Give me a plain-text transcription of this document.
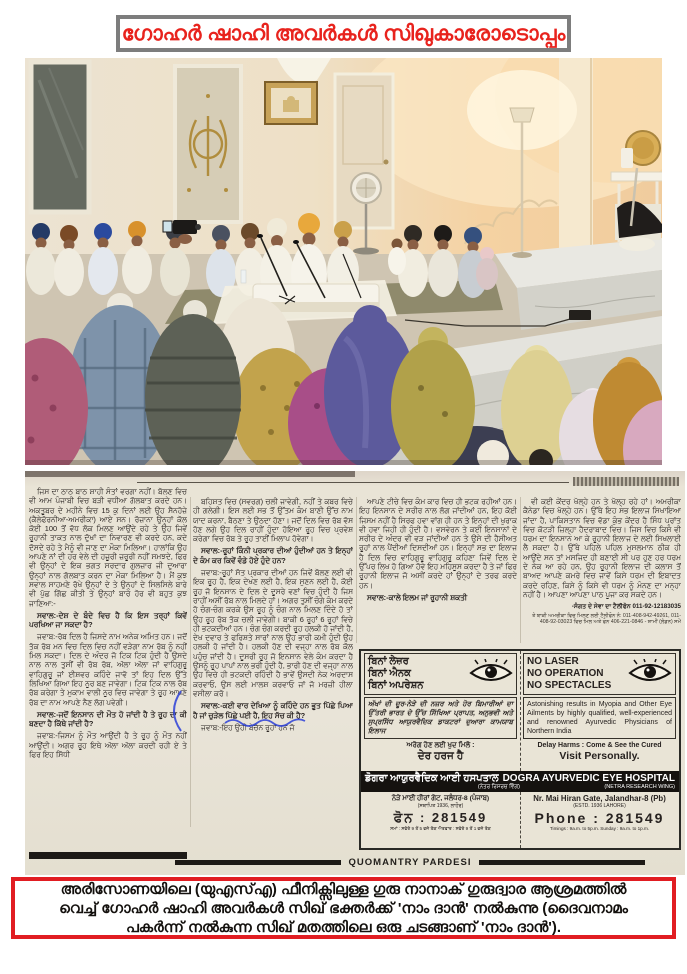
ഗോഹർ ഷാഹി അവർകൾ സിഖുകാരോടൊപ്പം

ਜਿਸ ਦਾ ਠਾਠ ਬਾਠ ਸ਼ਾਹੀ ਸੰਤਾਂ ਵਰਗਾ ਨਹੀਂ। ਬੋਲਣ ਵਿਚ ਵੀ ਆਮ ਪੰਜਾਬੀ ਵਿਚ ਬੜੀ ਵਧੀਆ ਗੱਲਬਾਤ ਕਰਦੇ ਹਨ। ਅਕਤੂਬਰ ਦੇ ਮਹੀਨੇ ਵਿਚ 15 ਕੁ ਦਿਨਾਂ ਲਈ ਉਹ ਸੈਨਹੋਜ਼ੇ (ਕੈਲੇਫੋਰਨੀਆ-ਅਮਰੀਕਾ) ਆਏ ਸਨ। ਰੋਜ਼ਾਨਾ ਉਨ੍ਹਾਂ ਕੋਲ ਕੋਈ 100 ਤੋਂ ਵੱਧ ਲੋਕ ਮਿਲਣ ਆਉਂਦੇ ਰਹੇ ਤੇ ਉਹ ਜਿਵੇਂ ਰੂਹਾਨੀ ਤਾਕਤ ਨਾਲ ਦੁੱਖਾਂ ਦਾ ਨਿਵਾਰਣ ਵੀ ਕਰਦੇ ਹਨ, ਕਦੇ ਦੱਸਦੇ ਰਹੇ ਤੇ ਮੈਨੂੰ ਵੀ ਜਾਣ ਦਾ ਮੌਕਾ ਮਿਲਿਆ। ਹਾਲਾਂਕਿ ਉਹ ਆਪਣੇ ਨਾਂ ਦੀ ਹਰ ਵੇਲੇ ਦੀ ਹਜ਼ੂਰੀ ਜ਼ਰੂਰੀ ਨਹੀਂ ਸਮਝਦੇ, ਫਿਰ ਵੀ ਉਨ੍ਹਾਂ ਦੇ ਇਕ ਭਗਤ ਸਰਦਾਰ ਗੁਲਜ਼ਾਰ ਜੀ ਦੁਆਰਾ ਉਨ੍ਹਾਂ ਨਾਲ ਗੱਲਬਾਤ ਕਰਨ ਦਾ ਮੌਕਾ ਮਿਲਿਆ ਹੈ। ਮੈਂ ਕੁਝ ਸਵਾਲ ਸਾਹਮਣੇ ਰੱਖੇ ਉਨ੍ਹਾਂ ਦੇ ਤੇ ਉਨ੍ਹਾਂ ਦੇ ਸਿਲਸਿਲੇ ਬਾਰੇ ਵੀ ਪੁੱਛ ਗਿੱਛ ਕੀਤੀ ਤੇ ਉਨ੍ਹਾਂ ਬਾਰੇ ਹੋਰ ਵੀ ਬਹੁਤ ਕੁਝ ਜਾਣਿਆ:-

ਸਵਾਲ:-ਦੇਸ਼ ਦੇ ਬੰਦੇ ਵਿਚ ਹੈ ਕਿ ਇਸ ਤਰ੍ਹਾਂ ਕਿਵੇਂ ਪਰਖਿਆ ਜਾ ਸਕਦਾ ਹੈ?

ਜਵਾਬ:-ਰੱਬ ਦਿਲ ਹੈ ਜਿਸਦੇ ਨਾਮ ਅਨੇਕ ਅਮਿਤ ਹਨ। ਜਦੋਂ ਤੱਕ ਰੱਬ ਮਨ ਵਿਚ ਦਿਲ ਵਿਚ ਨਹੀਂ ਵੜੇਗਾ ਨਾਮ ਰੱਬ ਨੂੰ ਨਹੀਂ ਮਿਲ ਸਕਦਾ। ਦਿਲ ਦੇ ਅੰਦਰ ਜੋ ਟਿਕ ਟਿਕ ਹੁੰਦੀ ਹੈ ਉਸਦੇ ਨਾਲ ਨਾਲ ਤੁਸੀਂ ਵੀ ਰੱਬ ਰੱਬ, ਅੱਲਾ ਅੱਲਾ ਜਾਂ ਵਾਹਿਗੁਰੂ ਵਾਹਿਗੁਰੂ ਜਾਂ ਈਸ਼ਵਰ ਕਹਿੰਦੇ ਜਾਵੋ ਤਾਂ ਇਹ ਦਿਲ ਉੱਤੇ ਲਿਖਿਆ ਗਿਆ ਇਹ ਨੂਰ ਬਣ ਜਾਵੇਗਾ। ਟਿਕ ਟਿਕ ਨਾਲ ਰੱਬ ਰੱਬ ਕਰੇਗਾ ਤੇ ਮੁਕਾਮ ਵਾਲੀ ਨੂਰ ਵਿਚ ਜਾਵੇਗਾ ਤੇ ਰੂਹ ਆਪਣੇ ਰੱਬ ਦਾ ਨਾਮ ਆਪਣੇ ਨੈਣ ਲੱਗ ਪਵੇਗੀ।

ਸਵਾਲ:-ਜਦੋਂ ਇਨਸਾਨ ਦੀ ਮੌਤ ਹੋ ਜਾਂਦੀ ਹੈ ਤੇ ਰੂਹ ਦਾ ਕੀ ਬਣਦਾ ਹੈ ਕਿੱਥੇ ਜਾਂਦੀ ਹੈ?

ਜਵਾਬ:-ਜਿਸਮ ਨੂੰ ਮੌਤ ਆਉਂਦੀ ਹੈ ਤੇ ਰੂਹ ਨੂੰ ਮੌਤ ਨਹੀਂ ਆਉਂਦੀ। ਅਗਰ ਰੂਹ ਇਥੇ ਅੱਲਾ ਅੱਲਾ ਕਰਦੀ ਰਹੀ ਏ ਤੇ ਫਿਰ ਇਹ ਸਿੱਧੀ

ਬਹਿਸ਼ਤ ਵਿਚ (ਸਵਰਗ) ਚਲੀ ਜਾਵੇਗੀ, ਨਹੀਂ ਤੇ ਕਬਰ ਵਿਚੇ ਹੀ ਗਲੇਗੀ। ਇਸ ਲਈ ਸਭ ਤੋਂ ਉੱਤਮ ਕੰਮ ਬਾਣੀ ਉੱਚ ਨਾਮ ਯਾਦ ਕਰਨਾ, ਬੈਠਣਾ ਤੇ ਉਠਦਾ ਹੋਣਾ। ਜਦੋਂ ਦਿਲ ਵਿਚ ਰੱਬ ਵੱਸ ਹੋਣ ਲਗੇ ਉਹ ਦਿਲ ਰਾਹੀਂ ਹੁੰਦਾ ਹੋਇਆ ਰੂਹ ਵਿਚ ਪ੍ਰਵੇਸ਼ ਕਰੇਗਾ ਵਿਚ ਰੱਬ ਤੇ ਰੂਹ ਤਾਈਂ ਮਿਲਾਪ ਹੋਵੇਗਾ।

ਸਵਾਲ:-ਰੂਹਾਂ ਕਿੰਨੀ ਪ੍ਰਕਾਰ ਦੀਆਂ ਹੁੰਦੀਆਂ ਹਨ ਤੇ ਇਨ੍ਹਾਂ ਦੇ ਕੰਮ ਕਰ ਕਿਵੇਂ ਵੰਡੇ ਹੋਏ ਹੁੰਦੇ ਹਨ?

ਜਵਾਬ:-ਰੂਹਾਂ ਸੱਤ ਪ੍ਰਕਾਰ ਦੀਆਂ ਹਨ ਜਿਵੇਂ ਬੋਲਣ ਲਈ ਵੀ ਇਕ ਰੂਹ ਹੈ, ਇਕ ਦੇਖਣ ਲਈ ਹੈ, ਇਕ ਸੁਣਨ ਲਈ ਹੈ, ਕੋਈ ਰੂਹ ਜੋ ਇਨਸਾਨ ਦੇ ਦਿਲ ਦੇ ਦੂਸਰੇ ਵਣਾਂ ਵਿਚ ਹੁੰਦੀ ਹੈ ਜਿਸ ਰਾਹੀਂ ਅਸੀਂ ਰੱਬ ਨਾਲ ਮਿਲਦੇ ਹਾਂ। ਅਗਰ ਤੁਸੀਂ ਚੰਗੇ ਕੰਮ ਕਰਦੇ ਹੋ ਚੰਗ-ਚੰਗ ਕਰਕੇ ਉਸ ਰੂਹ ਨੂੰ ਚੰਗ ਨਾਲ ਮਿਲਣ ਦਿੰਦੇ ਹੋ ਤਾਂ ਉਹ ਰੂਹ ਰੱਬ ਤੱਕ ਚਲੀ ਜਾਵੇਗੀ। ਬਾਕੀ 6 ਰੂਹਾਂ 6 ਰੂਹਾਂ ਵਿਚੇ ਹੀ ਭਟਕਦੀਆਂ ਹਨ। ਚੰਗ ਚੰਗ ਕਰਦੀ ਰੂਹ ਹਲਕੀ ਹੋ ਜਾਂਦੀ ਹੈ, ਦੇਖ ਦਵਾਰ ਤੇ ਫਰਿਸ਼ਤੇ ਸਾਰਾਂ ਨਾਲ ਉਹ ਭਾਰੀ ਕਮੀ ਹੁੰਦੀ ਉਹ ਹਲਕੀ ਹੋ ਜਾਂਦੀ ਹੈ। ਹਲਕੀ ਹੋਣ ਦੀ ਵਜ੍ਹਾ ਨਾਲ ਰੱਬ ਕੋਲ ਪਹੁੰਚ ਜਾਂਦੀ ਹੈ। ਦੂਸਰੀ ਰੂਹ ਜੋ ਇਨਸਾਨ ਵੇਲੇ ਕੰਮ ਕਰਦਾ ਹੈ ਉਸਨੂੰ ਰੂਹ ਪਾਪਾਂ ਨਾਲ ਭਰੀ ਹੁੰਦੀ ਹੈ, ਭਾਰੀ ਹੋਣ ਦੀ ਵਜ੍ਹਾ ਨਾਲ ਉਹ ਵਿਚੇ ਹੀ ਭਟਕਦੀ ਰਹਿੰਦੀ ਹੈ ਭਾਵੇਂ ਉਸਦੀ ਨੇਕ ਅਰਦਾਸ ਕਰਵਾਓ, ਉਸ ਲਈ ਮਾਲਸ਼ ਕਰਵਾਓ ਜਾਂ ਜੋ ਮਰਜ਼ੀ ਹੀਲਾ ਵਸੀਲਾ ਕਰੋ।

ਸਵਾਲ:-ਕਈ ਵਾਰ ਦੇਖਿਆ ਨੂੰ ਕਹਿੰਦੇ ਹਨ ਭੂਤ ਪਿੱਛੇ ਪਿਆ ਹੈ ਜਾਂ ਚੁੜੇਲ ਪਿੱਛੇ ਪਈ ਹੈ, ਇਹ ਸੱਚ ਕੀ ਹੈ?

ਜਵਾਬ:-ਇਹ ਉਹੀ ਬੇਚੈਨ ਰੂਹਾਂ ਹਨ ਜੋ

ਆਪਣੇ ਟੀਚੇ ਵਿਚ ਕੰਮ ਕਾਰ ਵਿਚ ਹੀ ਭਟਕ ਰਹੀਆਂ ਹਨ। ਇਹ ਇਨਸਾਨ ਦੇ ਸਰੀਰ ਨਾਲ ਲੱਗ ਜਾਂਦੀਆਂ ਹਨ, ਇਹ ਕੋਈ ਜਿਸਮ ਨਹੀਂ ਹੈ ਸਿਰਫ ਹਵਾ ਵਾਂਗ ਹੀ ਹਨ ਤੇ ਇਨ੍ਹਾਂ ਦੀ ਖੁਰਾਕ ਵੀ ਹਵਾ ਜਿਹੀ ਹੀ ਹੁੰਦੀ ਹੈ। ਵਸਵੇਰਨ ਤੇ ਕਈ ਇਨਸਾਨਾਂ ਦੇ ਸਰੀਰ ਦੇ ਅੰਦਰ ਵੀ ਵੜ ਜਾਂਦੀਆਂ ਹਨ ਤੇ ਉਸੇ ਦੀ ਹੈਸੀਅਤ ਰੂਹਾਂ ਨਾਲ ਪੈਂਦੀਆਂ ਦਿਸਦੀਆਂ ਹਨ। ਇਨ੍ਹਾਂ ਸਭ ਦਾ ਇਲਾਜ ਹੈ ਦਿਲ ਵਿਚ ਵਾਹਿਗੁਰੂ ਵਾਹਿਗੁਰੂ ਕਹਿਣਾ ਜਿਵੇਂ ਦਿਲ ਦੇ ਉੱਪਰ ਲਿਖ ਹੋ ਗਿਆ ਹੋਵੇ ਇਹ ਮਹਿਸੂਸ ਕਰਦਾ ਹੈ ਤੇ ਜਾਂ ਫਿਰ ਰੂਹਾਨੀ ਇਲਾਜ ਜੋ ਅਸੀਂ ਕਰਦੇ ਹਾਂ ਉਨ੍ਹਾਂ ਦੇ ਤਰਫ ਕਰਦੇ ਹਨ।

ਸਵਾਲ:-ਕਾਲੇ ਇਲਮ ਜਾਂ ਰੂਹਾਨੀ ਸ਼ਕਤੀ

ਵੀ ਕਈ ਕੇਂਦਰ ਖੋਲ੍ਹੇ ਹਨ ਤੇ ਖੋਲ੍ਹ ਰਹੇ ਹਾਂ। ਅਮਰੀਕਾ ਕੈਨੇਡਾ ਵਿਚ ਖੋਲ੍ਹੇ ਹਨ। ਉੱਥੇ ਇਹ ਸਭ ਇਲਾਜ ਸਿਖਾਇਆ ਜਾਂਦਾ ਹੈ, ਪਾਕਿਸਤਾਨ ਵਿਚ ਵੱਡਾ ਕੁੰਭ ਕੇਂਦਰ ਹੈ ਸਿੰਧ ਪ੍ਰਾਂਤ ਵਿਚ ਕੋਟੜੀ ਜ਼ਿਲ੍ਹਾ ਹੈਦਰਾਬਾਦ ਵਿਚ। ਜਿਸ ਵਿਚ ਕਿਸੇ ਵੀ ਧਰਮ ਦਾ ਇਨਸਾਨ ਆ ਕੇ ਰੂਹਾਨੀ ਇਲਾਜ ਦੇ ਲਈ ਸਿਖਲਾਈ ਲੈ ਸਕਦਾ ਹੈ। ਉੱਥੇ ਪਹਿਲੇ ਪਹਿਲ ਮੁਸਲਮਾਨ ਠੀਕ ਹੀ ਆਉਂਦੇ ਸਨ ਤਾਂ ਮਸਜਿਦ ਹੀ ਬਣਾਈ ਸੀ ਪਰ ਹੁਣ ਹਰ ਧਰਮ ਦੇ ਨੇਕ ਆ ਰਹੇ ਹਨ, ਉਹ ਰੂਹਾਨੀ ਇਲਾਜ ਦੀ ਕਲਾਸ ਤੋਂ ਬਾਅਦ ਆਪਣੇ ਕਮਰੇ ਵਿਚ ਜਾਵੇਂ ਕਿਸੇ ਧਰਮ ਦੀ ਇਬਾਦਤ ਕਰਦੇ ਰਹਿਣ, ਕਿਸੇ ਨੂੰ ਕਿਸੇ ਵੀ ਧਰਮ ਨੂੰ ਮੰਨਣ ਦਾ ਮਨ੍ਹਾ ਨਹੀਂ ਹੈ। ਆਪਣਾ ਆਪਣਾ ਪਾਠ ਪੂਜਾ ਕਰ ਸਕਦੇ ਹਨ।

-ਸੰਗਤ ਦੇ ਸੇਵਾ ਦਾ ਟੈਲੀਫੋਨ 011-92-12183035
ਤੇ ਬਾਕੀ ਅਮਰੀਕਾ ਵਿਚ ਮਿਲਣ ਲਈ ਟੈਲੀਫੋਨ ਨੰ: 011-408-942-49261, 011-408-92-03023 ਵਿਚ ਮਿਲ ਅਤੇ ਫੋਨ 406-221-0846 - ਸ਼ਾਮੀਂ (ਲੰਡਨ) ਸਮੇਂ
ਬਿਨਾਂ ਲੇਜ਼ਰ
ਬਿਨਾਂ ਐਨਕ
ਬਿਨਾਂ ਅਪਰੇਸ਼ਨ
ਅੱਖਾਂ ਦੀ ਦੂਰ-ਨੇੜੇ ਦੀ ਨਜ਼ਰ ਅਤੇ ਹੋਰ ਬਿਮਾਰੀਆਂ ਦਾ ਉੱਤਰੀ ਭਾਰਤ ਦੇ ਉੱਚ ਸਿੱਖਿਆ ਪ੍ਰਾਪਤ, ਅਨੁਭਵੀ ਅਤੇ ਸੁਪ੍ਰਸਿੱਧ ਆਯੁਰਵੈਦਿਕ ਡਾਕਟਰਾਂ ਦੁਆਰਾ ਕਾਮਯਾਬ ਇਲਾਜ
ਅਰੋਗ ਹੋਣ ਲਈ ਖੁਦ ਮਿਲੋ :
ਦੇਰ ਹਰਜ ਹੈ
NO LASER
NO OPERATION
NO SPECTACLES
Astonishing results in Myopia and Other Eye Ailments by highly qualified, well-experienced and renowned Ayurvedic Physicians of Northern India
Delay Harms : Come & See the Cured
Visit Personally.
ਡੋਗਰਾ ਆਯੁਰਵੈਦਿਕ ਆਈ ਹਸਪਤਾਲ
(ਨੇਤਰ ਰਿਸਰਚ ਵਿੰਗ)
DOGRA AYURVEDIC EYE HOSPITAL
(NETRA RESEARCH WING)
ਨੇੜੇ ਮਾਈ ਹੀਰਾਂ ਗੇਟ, ਜਲੰਧਰ-8 (ਪੰਜਾਬ)
(ਸਥਾਪਿਤ 1936, ਲਾਹੌਰ)
ਫੋਨ : 281549
ਸਮਾਂ : ਸਵੇਰੇ 9 ਤੋਂ 5 ਵਜੇ ਤੱਕ ਐਤਵਾਰ : ਸਵੇਰੇ 9 ਤੋਂ 1 ਵਜੇ ਤੱਕ
Nr. Mai Hiran Gate, Jalandhar-8 (Pb)
(ESTD. 1936 LAHORE)
Phone : 281549
Timings : 9a.m. to 5p.m. Sunday : 9a.m. to 1p.m.
QUOMANTRY PARDESI
അരിസോണയിലെ (യുഎസ്എ) ഫീനിക്സിലുള്ള ഗുരു നാനാക് ഗുരുദ്വാര ആശ്രമത്തിൽ
വെച്ച് ഗോഹർ ഷാഹി അവർകൾ സിഖ് ഭക്തർക്ക് 'നാം ദാൻ' നൽകുന്നു (ദൈവനാമം
പകർന്ന് നൽകുന്ന സിഖ് മതത്തിലെ ഒരു ചടങ്ങാണ് 'നാം ദാൻ').
